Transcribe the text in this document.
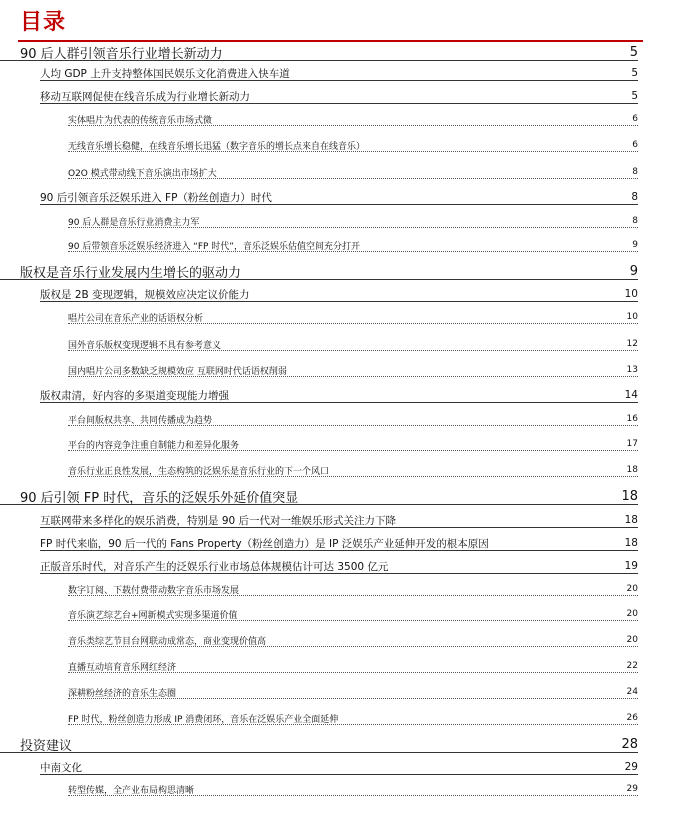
目录
90 后人群引领音乐行业增长新动力	5
人均 GDP 上升支持整体国民娱乐文化消费进入快车道	5
移动互联网促使在线音乐成为行业增长新动力	5
实体唱片为代表的传统音乐市场式微	6
无线音乐增长稳健，在线音乐增长迅猛（数字音乐的增长点来自在线音乐）	6
O2O 模式带动线下音乐演出市场扩大	8
90 后引领音乐泛娱乐进入 FP（粉丝创造力）时代	8
90 后人群是音乐行业消费主力军	8
90 后带领音乐泛娱乐经济进入 “FP 时代”，音乐泛娱乐估值空间充分打开	9
版权是音乐行业发展内生增长的驱动力	9
版权是 2B 变现逻辑，规模效应决定议价能力	10
唱片公司在音乐产业的话语权分析	10
国外音乐版权变现逻辑不具有参考意义	12
国内唱片公司多数缺乏规模效应 互联网时代话语权削弱	13
版权肃清，好内容的多渠道变现能力增强	14
平台间版权共享、共同传播成为趋势	16
平台的内容竞争注重自制能力和差异化服务	17
音乐行业正良性发展，生态构筑的泛娱乐是音乐行业的下一个风口	18
90 后引领 FP 时代，音乐的泛娱乐外延价值突显	18
互联网带来多样化的娱乐消费，特别是 90 后一代对一维娱乐形式关注力下降	18
FP 时代来临，90 后一代的 Fans Property（粉丝创造力）是 IP 泛娱乐产业延伸开发的根本原因	18
正版音乐时代，对音乐产生的泛娱乐行业市场总体规模估计可达 3500 亿元	19
数字订阅、下载付费带动数字音乐市场发展	20
音乐演艺综艺台+网新模式实现多渠道价值	20
音乐类综艺节目台网联动成常态，商业变现价值高	20
直播互动培育音乐网红经济	22
深耕粉丝经济的音乐生态圈	24
FP 时代，粉丝创造力形成 IP 消费闭环，音乐在泛娱乐产业全面延伸	26
投资建议	28
中南文化	29
转型传媒，全产业布局构思清晰	29
